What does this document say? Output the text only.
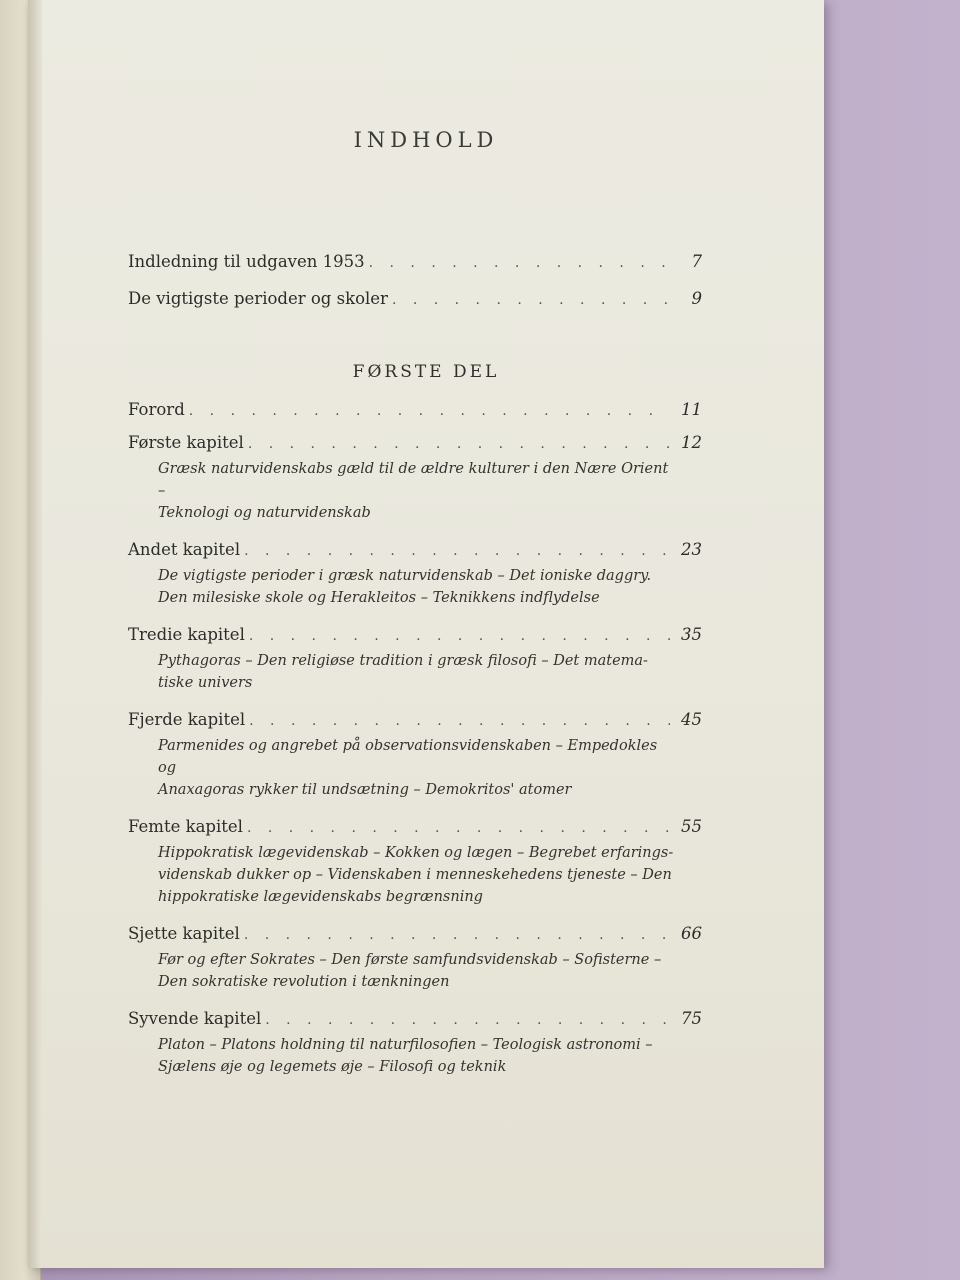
INDHOLD
Indledning til udgaven 1953 . . .	7
De vigtigste perioder og skoler . . .	9
FØRSTE DEL
Forord . . .	11
Første kapitel . . .	12
Græsk naturvidenskabs gæld til de ældre kulturer i den Nære Orient –
Teknologi og naturvidenskab
Andet kapitel . . .	23
De vigtigste perioder i græsk naturvidenskab – Det ioniske daggry.
Den milesiske skole og Herakleitos – Teknikkens indflydelse
Tredie kapitel . . .	35
Pythagoras – Den religiøse tradition i græsk filosofi – Det matema-
tiske univers
Fjerde kapitel . . .	45
Parmenides og angrebet på observationsvidenskaben – Empedokles og
Anaxagoras rykker til undsætning – Demokritos' atomer
Femte kapitel . . .	55
Hippokratisk lægevidenskab – Kokken og lægen – Begrebet erfarings-
videnskab dukker op – Videnskaben i menneskehedens tjeneste – Den
hippokratiske lægevidenskabs begrænsning
Sjette kapitel . . .	66
Før og efter Sokrates – Den første samfundsvidenskab – Sofisterne –
Den sokratiske revolution i tænkningen
Syvende kapitel . . .	75
Platon – Platons holdning til naturfilosofien – Teologisk astronomi –
Sjælens øje og legemets øje – Filosofi og teknik
